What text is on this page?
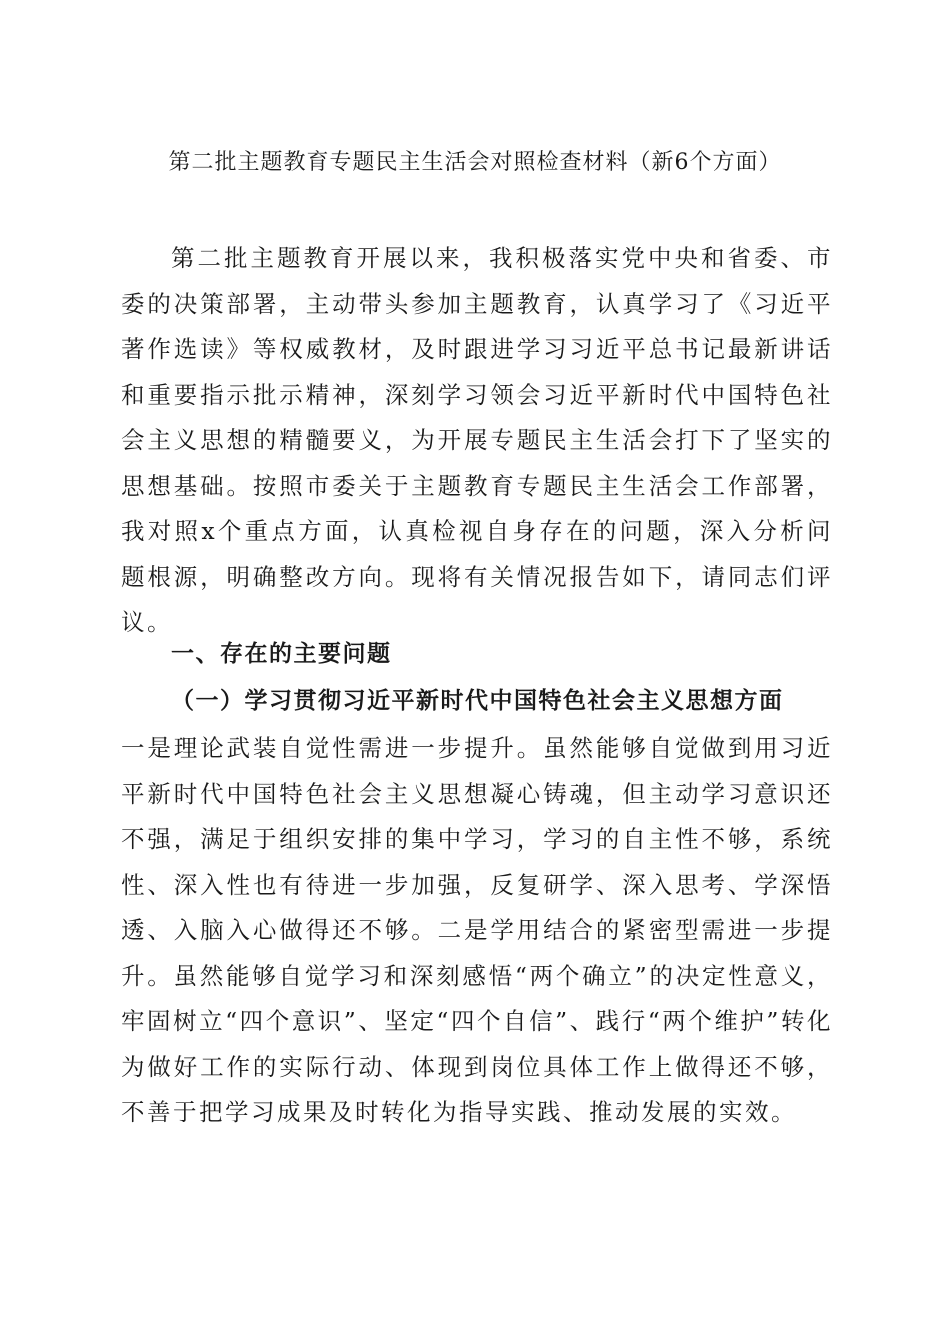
第二批主题教育专题民主生活会对照检查材料（新6个方面）

第二批主题教育开展以来，我积极落实党中央和省委、市委的决策部署，主动带头参加主题教育，认真学习了《习近平著作选读》等权威教材，及时跟进学习习近平总书记最新讲话和重要指示批示精神，深刻学习领会习近平新时代中国特色社会主义思想的精髓要义，为开展专题民主生活会打下了坚实的思想基础。按照市委关于主题教育专题民主生活会工作部署，我对照x个重点方面，认真检视自身存在的问题，深入分析问题根源，明确整改方向。现将有关情况报告如下，请同志们评议。

一、存在的主要问题
（一）学习贯彻习近平新时代中国特色社会主义思想方面

一是理论武装自觉性需进一步提升。虽然能够自觉做到用习近平新时代中国特色社会主义思想凝心铸魂，但主动学习意识还不强，满足于组织安排的集中学习，学习的自主性不够，系统性、深入性也有待进一步加强，反复研学、深入思考、学深悟透、入脑入心做得还不够。二是学用结合的紧密型需进一步提升。虽然能够自觉学习和深刻感悟“两个确立”的决定性意义，牢固树立“四个意识”、坚定“四个自信”、践行“两个维护”转化为做好工作的实际行动、体现到岗位具体工作上做得还不够，不善于把学习成果及时转化为指导实践、推动发展的实效。
